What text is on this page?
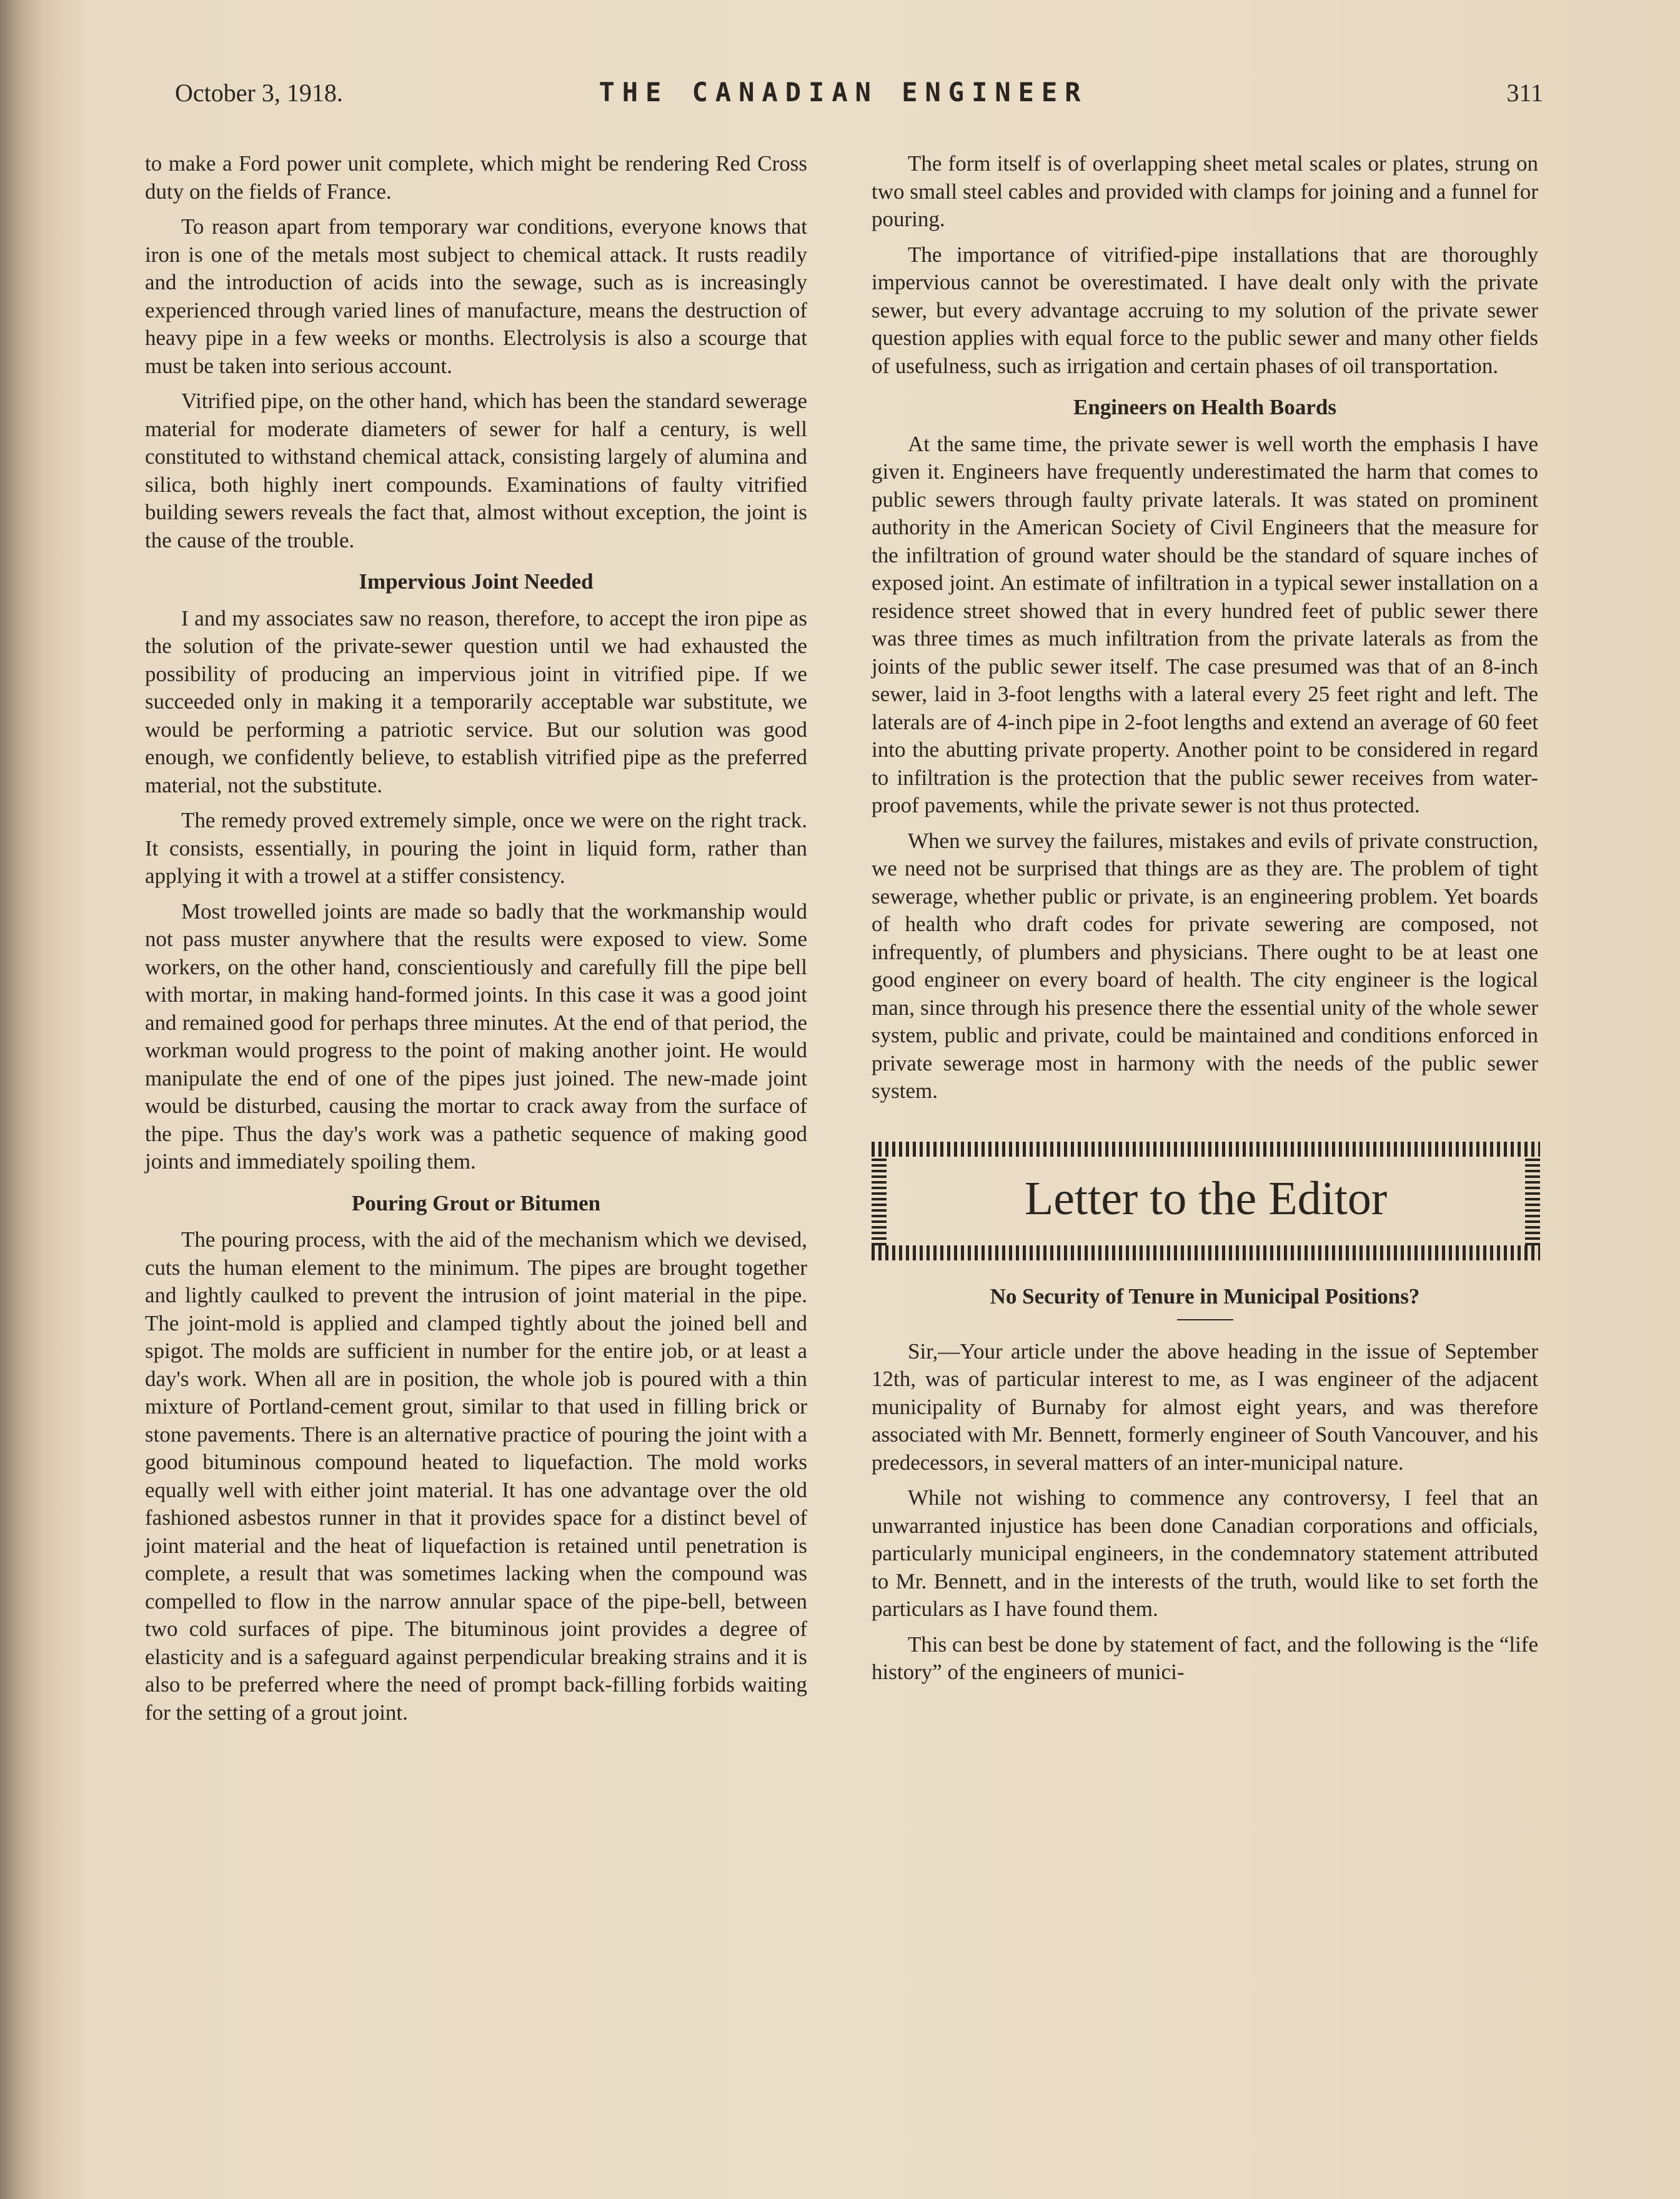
October 3, 1918.	THE CANADIAN ENGINEER	311

to make a Ford power unit complete, which might be rendering Red Cross duty on the fields of France.

To reason apart from temporary war conditions, everyone knows that iron is one of the metals most subject to chemical attack. It rusts readily and the introduction of acids into the sewage, such as is increasingly experienced through varied lines of manufacture, means the destruction of heavy pipe in a few weeks or months. Electrolysis is also a scourge that must be taken into serious account.

Vitrified pipe, on the other hand, which has been the standard sewerage material for moderate diameters of sewer for half a century, is well constituted to withstand chemical attack, consisting largely of alumina and silica, both highly inert compounds. Examinations of faulty vitrified building sewers reveals the fact that, almost without exception, the joint is the cause of the trouble.

Impervious Joint Needed

I and my associates saw no reason, therefore, to accept the iron pipe as the solution of the private-sewer question until we had exhausted the possibility of producing an impervious joint in vitrified pipe. If we succeeded only in making it a temporarily acceptable war substitute, we would be performing a patriotic service. But our solution was good enough, we confidently believe, to establish vitrified pipe as the preferred material, not the substitute.

The remedy proved extremely simple, once we were on the right track. It consists, essentially, in pouring the joint in liquid form, rather than applying it with a trowel at a stiffer consistency.

Most trowelled joints are made so badly that the workmanship would not pass muster anywhere that the results were exposed to view. Some workers, on the other hand, conscientiously and carefully fill the pipe bell with mortar, in making hand-formed joints. In this case it was a good joint and remained good for perhaps three minutes. At the end of that period, the workman would progress to the point of making another joint. He would manipulate the end of one of the pipes just joined. The new-made joint would be disturbed, causing the mortar to crack away from the surface of the pipe. Thus the day's work was a pathetic sequence of making good joints and immediately spoiling them.

Pouring Grout or Bitumen

The pouring process, with the aid of the mechanism which we devised, cuts the human element to the minimum. The pipes are brought together and lightly caulked to prevent the intrusion of joint material in the pipe. The joint-mold is applied and clamped tightly about the joined bell and spigot. The molds are sufficient in number for the entire job, or at least a day's work. When all are in position, the whole job is poured with a thin mixture of Portland-cement grout, similar to that used in filling brick or stone pavements. There is an alternative practice of pouring the joint with a good bituminous compound heated to liquefaction. The mold works equally well with either joint material. It has one advantage over the old fashioned asbestos runner in that it provides space for a distinct bevel of joint material and the heat of liquefaction is retained until penetration is complete, a result that was sometimes lacking when the compound was compelled to flow in the narrow annular space of the pipe-bell, between two cold surfaces of pipe. The bituminous joint provides a degree of elasticity and is a safeguard against perpendicular breaking strains and it is also to be preferred where the need of prompt back-filling forbids waiting for the setting of a grout joint.

The form itself is of overlapping sheet metal scales or plates, strung on two small steel cables and provided with clamps for joining and a funnel for pouring.

The importance of vitrified-pipe installations that are thoroughly impervious cannot be overestimated. I have dealt only with the private sewer, but every advantage accruing to my solution of the private sewer question applies with equal force to the public sewer and many other fields of usefulness, such as irrigation and certain phases of oil transportation.

Engineers on Health Boards

At the same time, the private sewer is well worth the emphasis I have given it. Engineers have frequently underestimated the harm that comes to public sewers through faulty private laterals. It was stated on prominent authority in the American Society of Civil Engineers that the measure for the infiltration of ground water should be the standard of square inches of exposed joint. An estimate of infiltration in a typical sewer installation on a residence street showed that in every hundred feet of public sewer there was three times as much infiltration from the private laterals as from the joints of the public sewer itself. The case presumed was that of an 8-inch sewer, laid in 3-foot lengths with a lateral every 25 feet right and left. The laterals are of 4-inch pipe in 2-foot lengths and extend an average of 60 feet into the abutting private property. Another point to be considered in regard to infiltration is the protection that the public sewer receives from water-proof pavements, while the private sewer is not thus protected.

When we survey the failures, mistakes and evils of private construction, we need not be surprised that things are as they are. The problem of tight sewerage, whether public or private, is an engineering problem. Yet boards of health who draft codes for private sewering are composed, not infrequently, of plumbers and physicians. There ought to be at least one good engineer on every board of health. The city engineer is the logical man, since through his presence there the essential unity of the whole sewer system, public and private, could be maintained and conditions enforced in private sewerage most in harmony with the needs of the public sewer system.

Letter to the Editor
No Security of Tenure in Municipal Positions?

Sir,—Your article under the above heading in the issue of September 12th, was of particular interest to me, as I was engineer of the adjacent municipality of Burnaby for almost eight years, and was therefore associated with Mr. Bennett, formerly engineer of South Vancouver, and his predecessors, in several matters of an inter-municipal nature.

While not wishing to commence any controversy, I feel that an unwarranted injustice has been done Canadian corporations and officials, particularly municipal engineers, in the condemnatory statement attributed to Mr. Bennett, and in the interests of the truth, would like to set forth the particulars as I have found them.

This can best be done by statement of fact, and the following is the “life history” of the engineers of munici-
